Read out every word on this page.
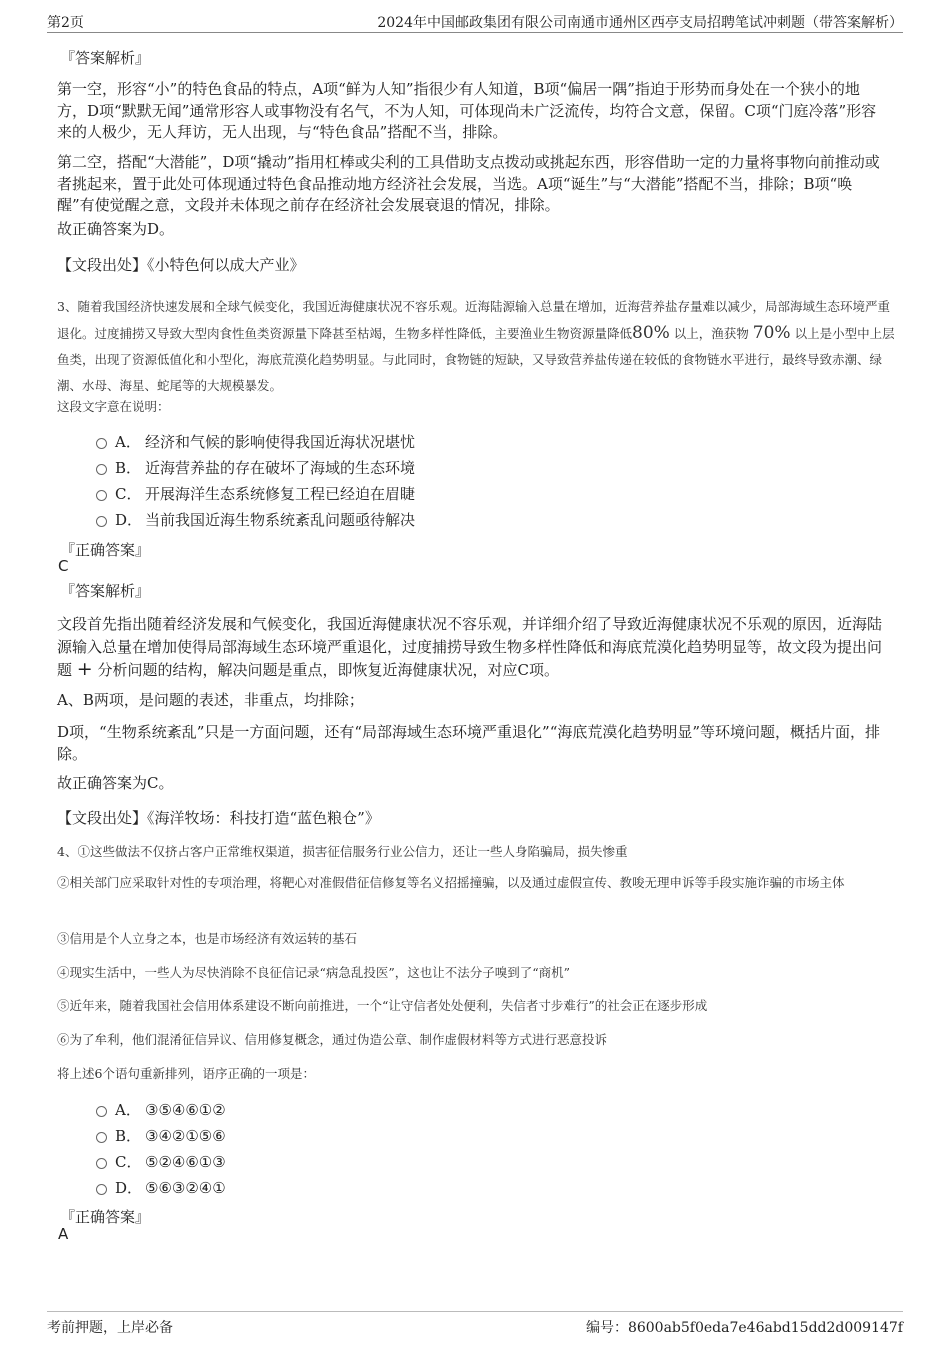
第2页	2024年中国邮政集团有限公司南通市通州区西亭支局招聘笔试冲刺题（带答案解析）
『答案解析』
第一空，形容“小”的特色食品的特点，A项“鲜为人知”指很少有人知道，B项“偏居一隅”指迫于形势而身处在一个狭小的地方，D项“默默无闻”通常形容人或事物没有名气，不为人知，可体现尚未广泛流传，均符合文意，保留。C项“门庭冷落”形容来的人极少，无人拜访，无人出现，与“特色食品”搭配不当，排除。
第二空，搭配“大潜能”，D项“撬动”指用杠棒或尖利的工具借助支点拨动或挑起东西，形容借助一定的力量将事物向前推动或者挑起来，置于此处可体现通过特色食品推动地方经济社会发展，当选。A项“诞生”与“大潜能”搭配不当，排除；B项“唤醒”有使觉醒之意，文段并未体现之前存在经济社会发展衰退的情况，排除。
故正确答案为D。
【文段出处】《小特色何以成大产业》
3、随着我国经济快速发展和全球气候变化，我国近海健康状况不容乐观。近海陆源输入总量在增加，近海营养盐存量难以减少，局部海域生态环境严重退化。过度捕捞又导致大型肉食性鱼类资源量下降甚至枯竭，生物多样性降低，主要渔业生物资源量降低80% 以上，渔获物 70% 以上是小型中上层鱼类，出现了资源低值化和小型化，海底荒漠化趋势明显。与此同时，食物链的短缺，又导致营养盐传递在较低的食物链水平进行，最终导致赤潮、绿潮、水母、海星、蛇尾等的大规模暴发。
这段文字意在说明：
A． 经济和气候的影响使得我国近海状况堪忧
B． 近海营养盐的存在破坏了海域的生态环境
C． 开展海洋生态系统修复工程已经迫在眉睫
D． 当前我国近海生物系统紊乱问题亟待解决
『正确答案』
C
『答案解析』
文段首先指出随着经济发展和气候变化，我国近海健康状况不容乐观，并详细介绍了导致近海健康状况不乐观的原因，近海陆源输入总量在增加使得局部海域生态环境严重退化，过度捕捞导致生物多样性降低和海底荒漠化趋势明显等，故文段为提出问题 + 分析问题的结构，解决问题是重点，即恢复近海健康状况，对应C项。
A、B两项，是问题的表述，非重点，均排除；
D项，“生物系统紊乱”只是一方面问题，还有“局部海域生态环境严重退化”“海底荒漠化趋势明显”等环境问题，概括片面，排除。
故正确答案为C。
【文段出处】《海洋牧场：科技打造“蓝色粮仓”》
4、①这些做法不仅挤占客户正常维权渠道，损害征信服务行业公信力，还让一些人身陷骗局，损失惨重
②相关部门应采取针对性的专项治理，将靶心对准假借征信修复等名义招摇撞骗，以及通过虚假宣传、教唆无理申诉等手段实施诈骗的市场主体
③信用是个人立身之本，也是市场经济有效运转的基石
④现实生活中，一些人为尽快消除不良征信记录“病急乱投医”，这也让不法分子嗅到了“商机”
⑤近年来，随着我国社会信用体系建设不断向前推进，一个“让守信者处处便利，失信者寸步难行”的社会正在逐步形成
⑥为了牟利，他们混淆征信异议、信用修复概念，通过伪造公章、制作虚假材料等方式进行恶意投诉
将上述6个语句重新排列，语序正确的一项是：
A． ③⑤④⑥①②
B． ③④②①⑤⑥
C． ⑤②④⑥①③
D． ⑤⑥③②④①
『正确答案』
A
考前押题，上岸必备	编号：8600ab5f0eda7e46abd15dd2d009147f
